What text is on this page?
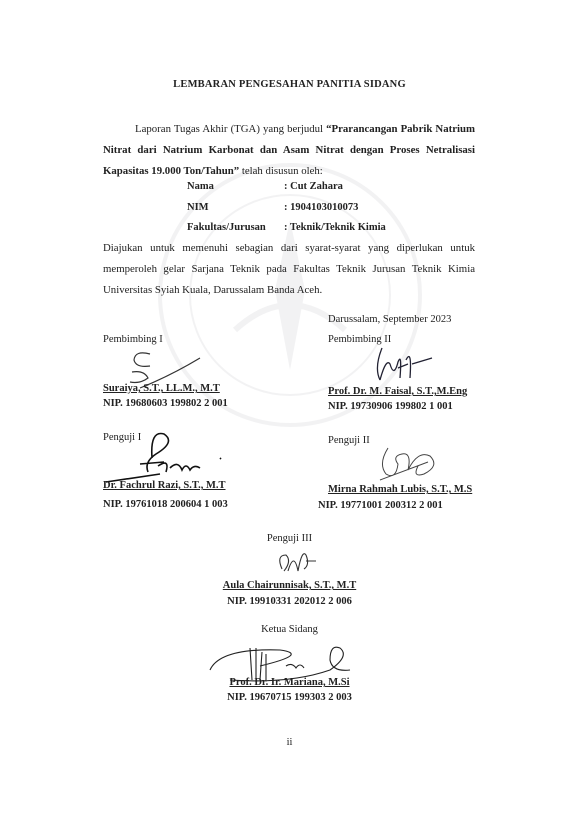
LEMBARAN PENGESAHAN PANITIA SIDANG
Laporan Tugas Akhir (TGA) yang berjudul “Prarancangan Pabrik Natrium Nitrat dari Natrium Karbonat dan Asam Nitrat dengan Proses Netralisasi Kapasitas 19.000 Ton/Tahun” telah disusun oleh:
Nama	: Cut Zahara
NIM	: 1904103010073
Fakultas/Jurusan : Teknik/Teknik Kimia
Diajukan untuk memenuhi sebagian dari syarat-syarat yang diperlukan untuk memperoleh gelar Sarjana Teknik pada Fakultas Teknik Jurusan Teknik Kimia Universitas Syiah Kuala, Darussalam Banda Aceh.
Darussalam, September 2023
Pembimbing I
Suraiya, S.T., LL.M., M.T
NIP. 19680603 199802 2 001
Pembimbing II
Prof. Dr. M. Faisal, S.T.,M.Eng
NIP. 19730906 199802 1 001
Penguji I
Dr. Fachrul Razi, S.T., M.T
NIP. 19761018 200604 1 003
Penguji II
Mirna Rahmah Lubis, S.T., M.S
NIP. 19771001 200312 2 001
Penguji III
Aula Chairunnisak, S.T., M.T
NIP. 19910331 202012 2 006
Ketua Sidang
Prof. Dr. Ir. Mariana, M.Si
NIP. 19670715 199303 2 003
ii
